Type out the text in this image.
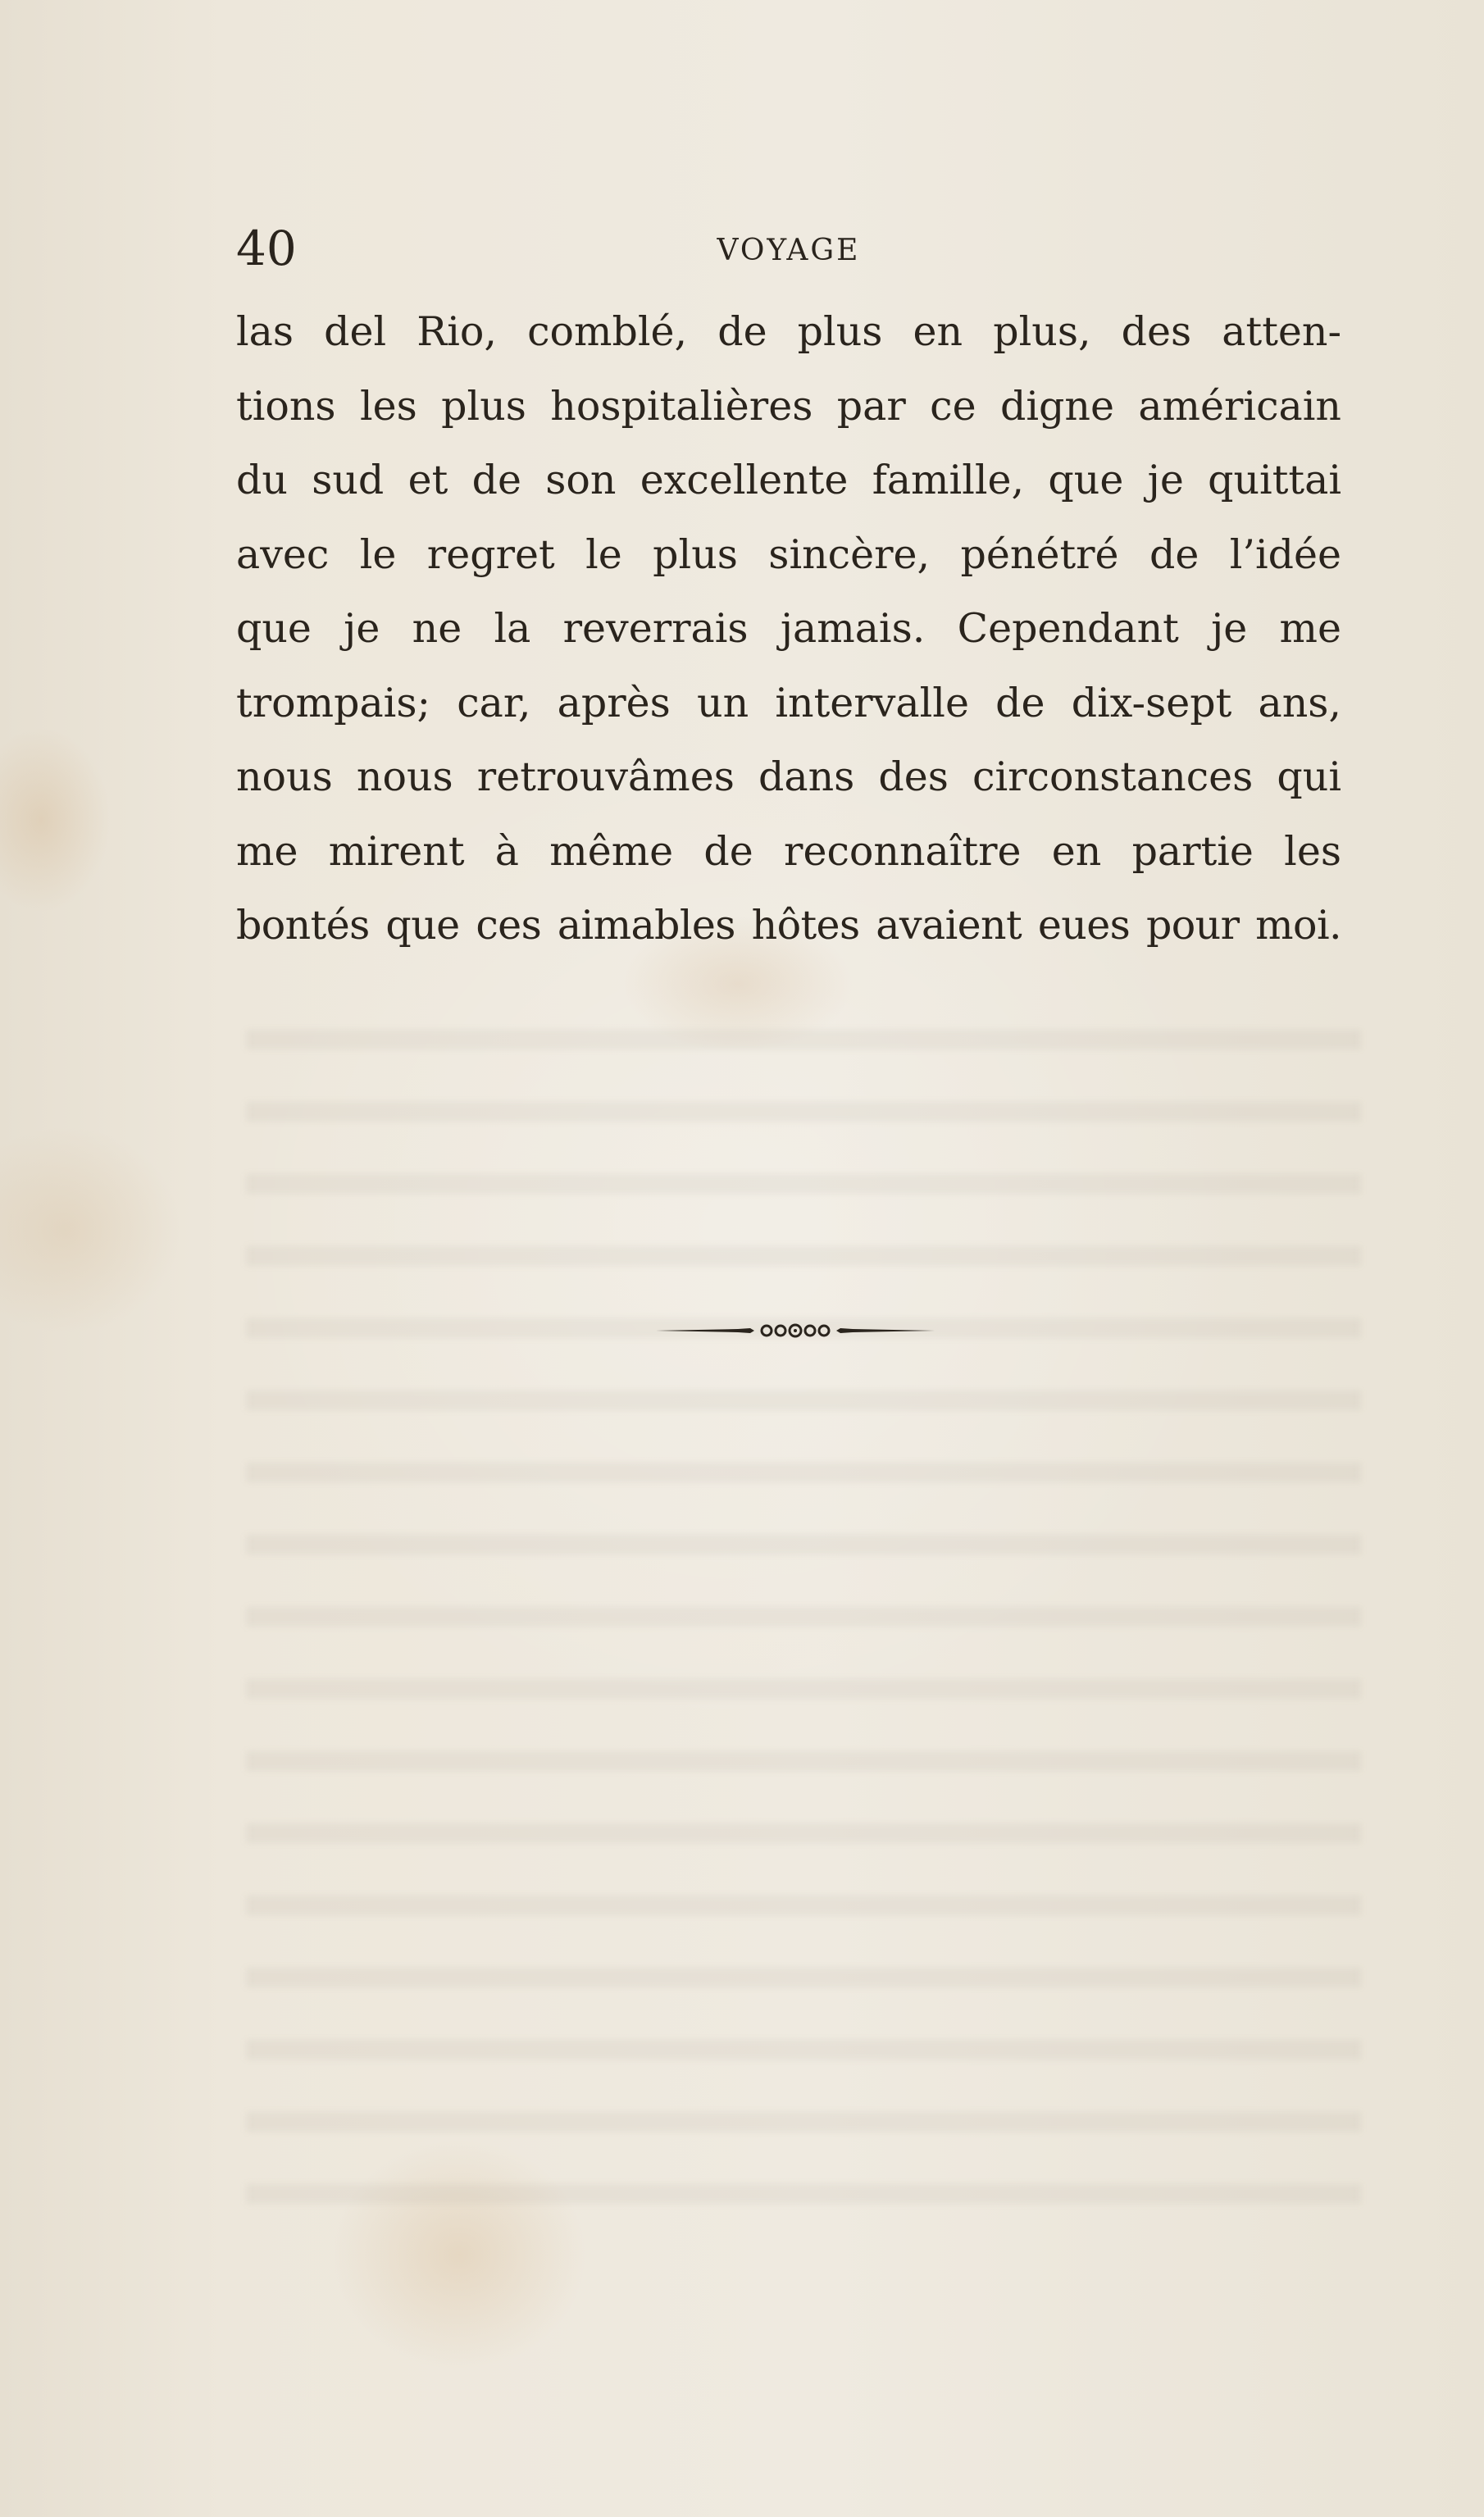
40	VOYAGE
las del Rio, comblé, de plus en plus, des atten-
tions les plus hospitalières par ce digne américain
du sud et de son excellente famille, que je quittai
avec le regret le plus sincère, pénétré de l’idée
que je ne la reverrais jamais. Cependant je me
trompais; car, après un intervalle de dix-sept ans,
nous nous retrouvâmes dans des circonstances qui
me mirent à même de reconnaître en partie les
bontés que ces aimables hôtes avaient eues pour moi.
